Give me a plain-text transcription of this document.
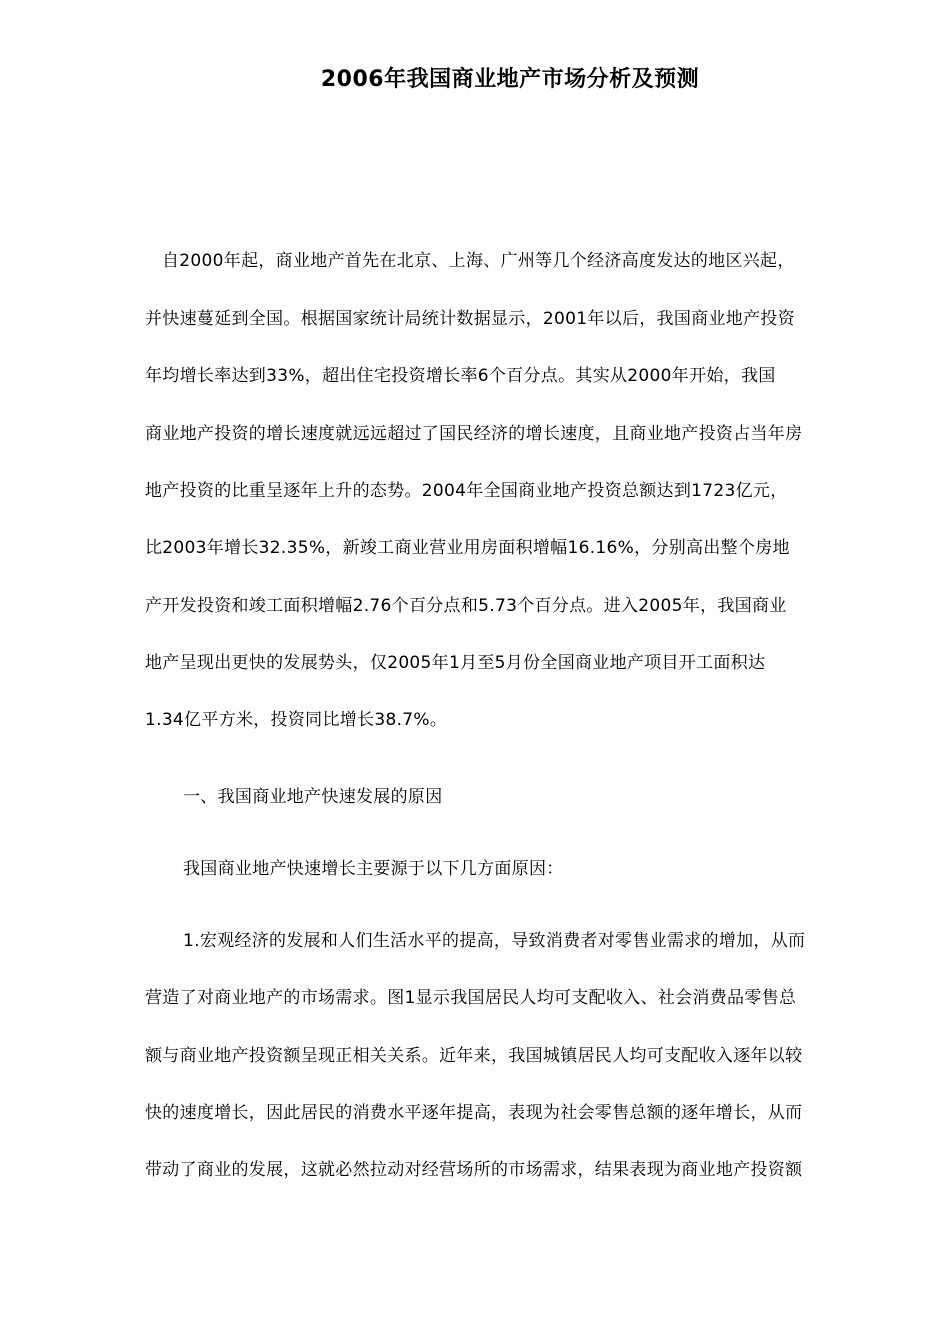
2006年我国商业地产市场分析及预测
自2000年起，商业地产首先在北京、上海、广州等几个经济高度发达的地区兴起，
并快速蔓延到全国。根据国家统计局统计数据显示，2001年以后，我国商业地产投资
年均增长率达到33%，超出住宅投资增长率6个百分点。其实从2000年开始，我国
商业地产投资的增长速度就远远超过了国民经济的增长速度，且商业地产投资占当年房
地产投资的比重呈逐年上升的态势。2004年全国商业地产投资总额达到1723亿元，
比2003年增长32.35%，新竣工商业营业用房面积增幅16.16%，分别高出整个房地
产开发投资和竣工面积增幅2.76个百分点和5.73个百分点。进入2005年，我国商业
地产呈现出更快的发展势头，仅2005年1月至5月份全国商业地产项目开工面积达
1.34亿平方米，投资同比增长38.7%。
一、我国商业地产快速发展的原因
我国商业地产快速增长主要源于以下几方面原因：
1.宏观经济的发展和人们生活水平的提高，导致消费者对零售业需求的增加，从而
营造了对商业地产的市场需求。图1显示我国居民人均可支配收入、社会消费品零售总
额与商业地产投资额呈现正相关关系。近年来，我国城镇居民人均可支配收入逐年以较
快的速度增长，因此居民的消费水平逐年提高，表现为社会零售总额的逐年增长，从而
带动了商业的发展，这就必然拉动对经营场所的市场需求，结果表现为商业地产投资额
